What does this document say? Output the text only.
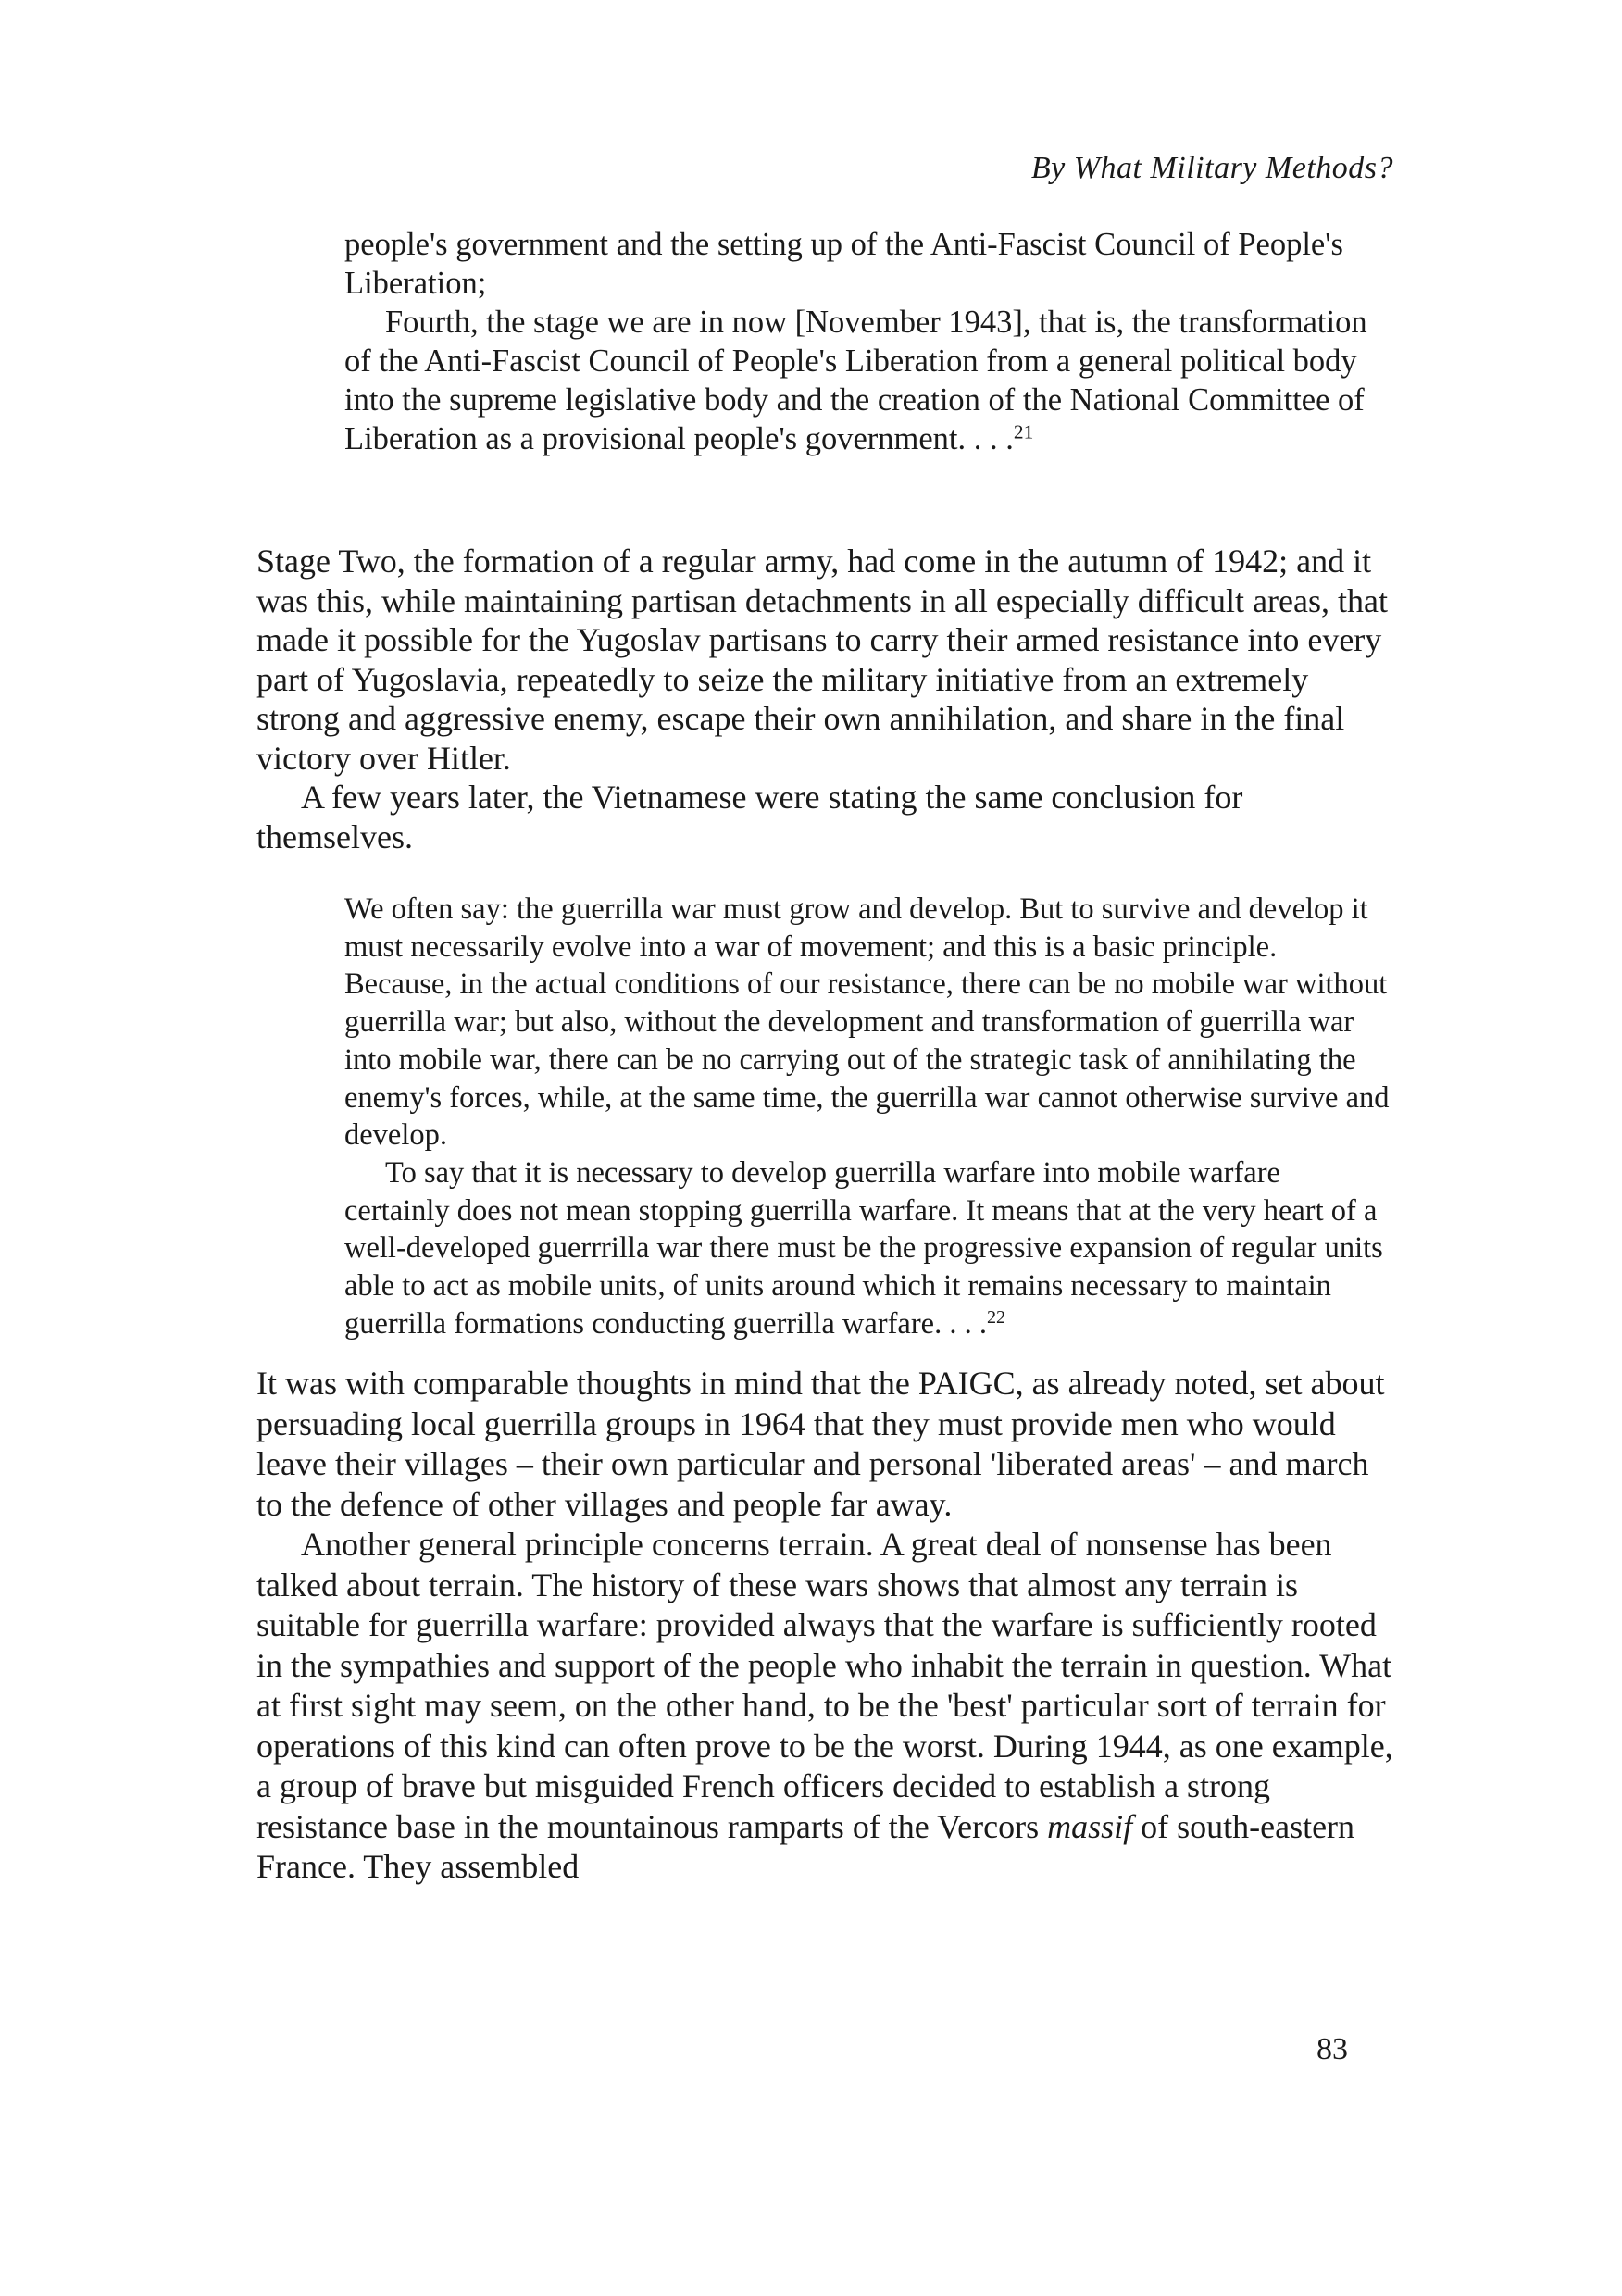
By What Military Methods?

people's government and the setting up of the Anti-Fascist Council of People's Liberation;

Fourth, the stage we are in now [November 1943], that is, the transformation of the Anti-Fascist Council of People's Liberation from a general political body into the supreme legislative body and the creation of the National Committee of Liberation as a provisional people's government. . . .$^{21}$

Stage Two, the formation of a regular army, had come in the autumn of 1942; and it was this, while maintaining partisan detachments in all especially difficult areas, that made it possible for the Yugoslav partisans to carry their armed resistance into every part of Yugoslavia, repeatedly to seize the military initiative from an extremely strong and aggressive enemy, escape their own annihilation, and share in the final victory over Hitler.

A few years later, the Vietnamese were stating the same conclusion for themselves.

We often say: the guerrilla war must grow and develop. But to survive and develop it must necessarily evolve into a war of movement; and this is a basic principle. Because, in the actual conditions of our resistance, there can be no mobile war without guerrilla war; but also, without the development and transformation of guerrilla war into mobile war, there can be no carrying out of the strategic task of annihilating the enemy's forces, while, at the same time, the guerrilla war cannot otherwise survive and develop.

To say that it is necessary to develop guerrilla warfare into mobile warfare certainly does not mean stopping guerrilla warfare. It means that at the very heart of a well-developed guerrrilla war there must be the progressive expansion of regular units able to act as mobile units, of units around which it remains necessary to maintain guerrilla formations conducting guerrilla warfare. . . .$^{22}$

It was with comparable thoughts in mind that the PAIGC, as already noted, set about persuading local guerrilla groups in 1964 that they must provide men who would leave their villages – their own particular and personal 'liberated areas' – and march to the defence of other villages and people far away.

Another general principle concerns terrain. A great deal of nonsense has been talked about terrain. The history of these wars shows that almost any terrain is suitable for guerrilla warfare: provided always that the warfare is sufficiently rooted in the sympathies and support of the people who inhabit the terrain in question. What at first sight may seem, on the other hand, to be the 'best' particular sort of terrain for operations of this kind can often prove to be the worst. During 1944, as one example, a group of brave but misguided French officers decided to establish a strong resistance base in the mountainous ramparts of the Vercors massif of south-eastern France. They assembled

83
